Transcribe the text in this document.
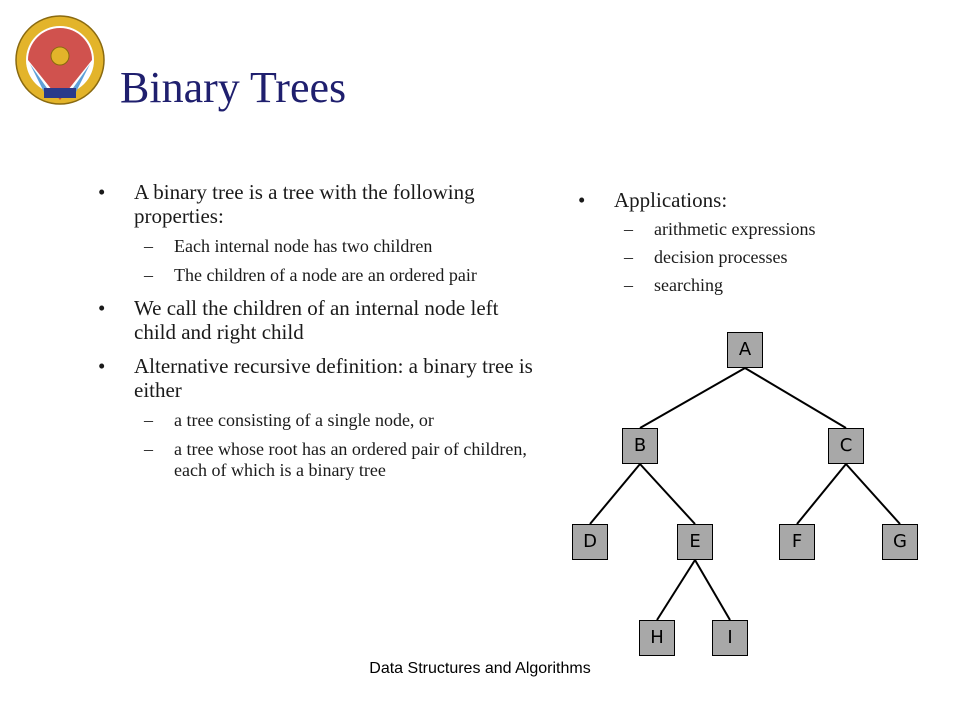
Binary Trees
• A binary tree is a tree with the following properties:
– Each internal node has two children
– The children of a node are an ordered pair
• We call the children of an internal node left child and right child
• Alternative recursive definition: a binary tree is either
– a tree consisting of a single node, or
– a tree whose root has an ordered pair of children, each of which is a binary tree
• Applications:
– arithmetic expressions
– decision processes
– searching
A
B	C
D	E	F	G
H	I
Data Structures and Algorithms
